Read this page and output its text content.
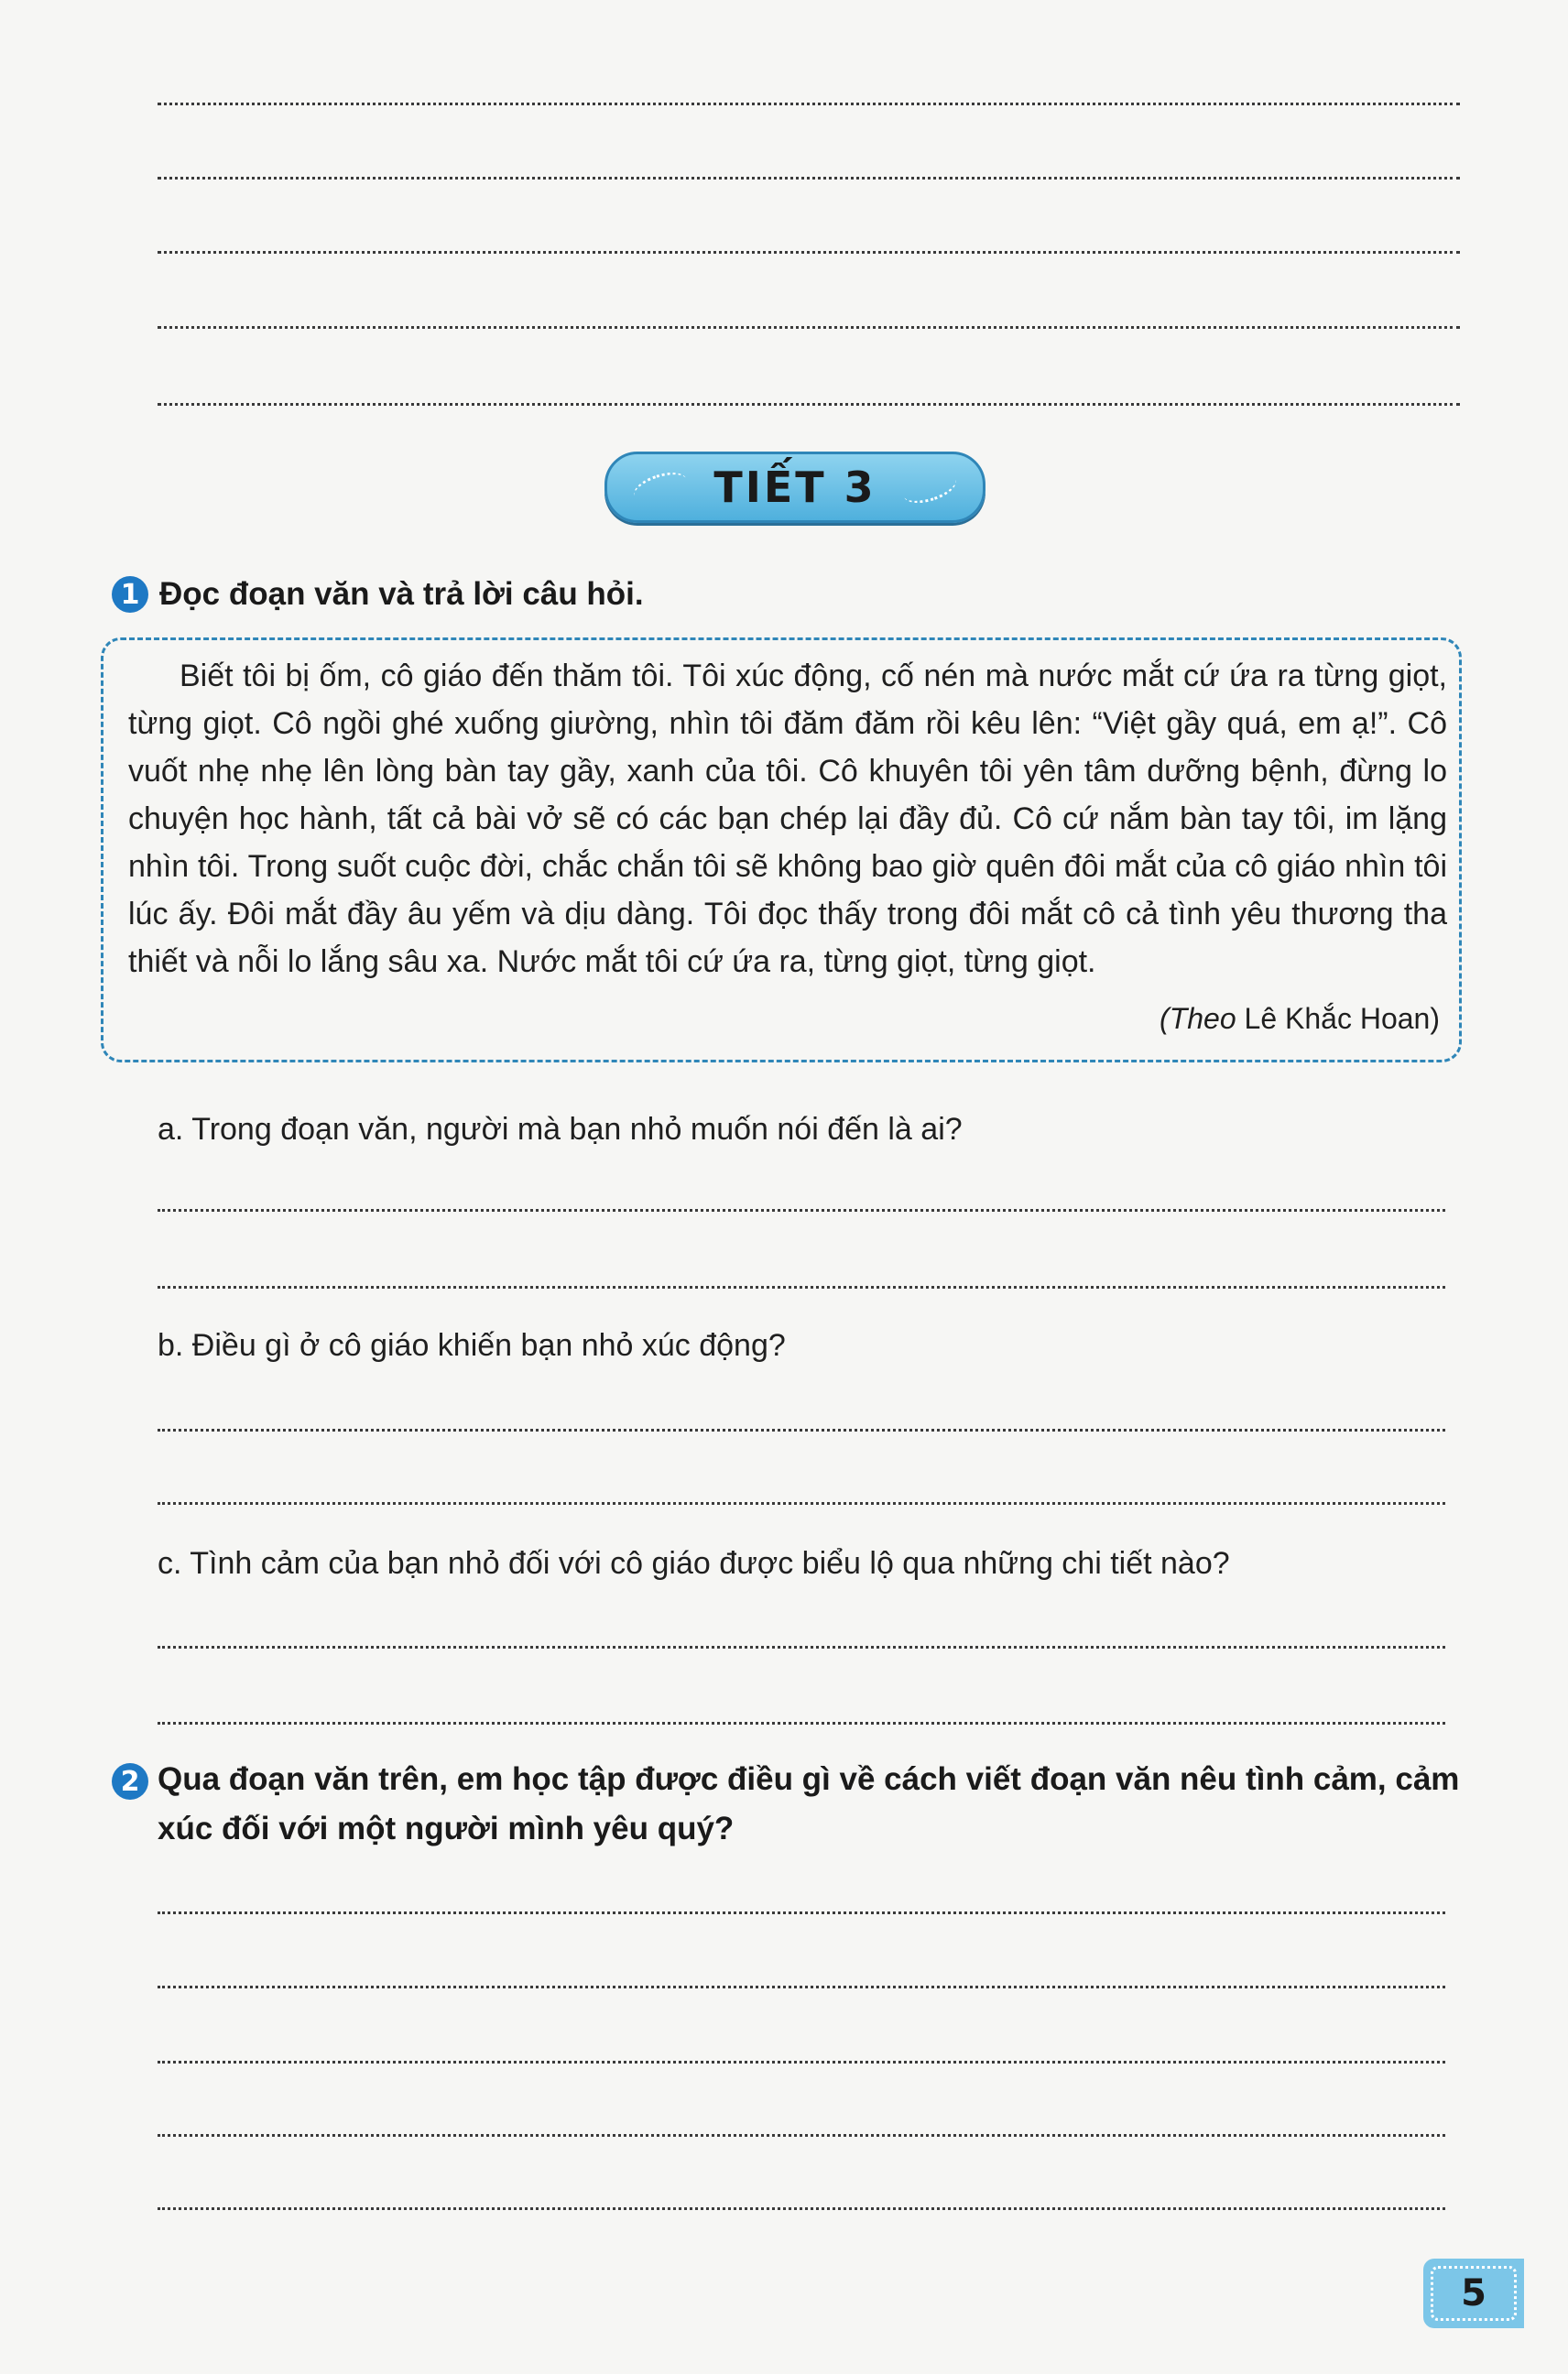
TIẾT 3
1 Đọc đoạn văn và trả lời câu hỏi.

Biết tôi bị ốm, cô giáo đến thăm tôi. Tôi xúc động, cố nén mà nước mắt cứ ứa ra từng giọt, từng giọt. Cô ngồi ghé xuống giường, nhìn tôi đăm đăm rồi kêu lên: “Việt gầy quá, em ạ!”. Cô vuốt nhẹ nhẹ lên lòng bàn tay gầy, xanh của tôi. Cô khuyên tôi yên tâm dưỡng bệnh, đừng lo chuyện học hành, tất cả bài vở sẽ có các bạn chép lại đầy đủ. Cô cứ nắm bàn tay tôi, im lặng nhìn tôi. Trong suốt cuộc đời, chắc chắn tôi sẽ không bao giờ quên đôi mắt của cô giáo nhìn tôi lúc ấy. Đôi mắt đầy âu yếm và dịu dàng. Tôi đọc thấy trong đôi mắt cô cả tình yêu thương tha thiết và nỗi lo lắng sâu xa. Nước mắt tôi cứ ứa ra, từng giọt, từng giọt.

(Theo Lê Khắc Hoan)
a. Trong đoạn văn, người mà bạn nhỏ muốn nói đến là ai?
b. Điều gì ở cô giáo khiến bạn nhỏ xúc động?
c. Tình cảm của bạn nhỏ đối với cô giáo được biểu lộ qua những chi tiết nào?
2 Qua đoạn văn trên, em học tập được điều gì về cách viết đoạn văn nêu tình cảm, cảm
xúc đối với một người mình yêu quý?
5
